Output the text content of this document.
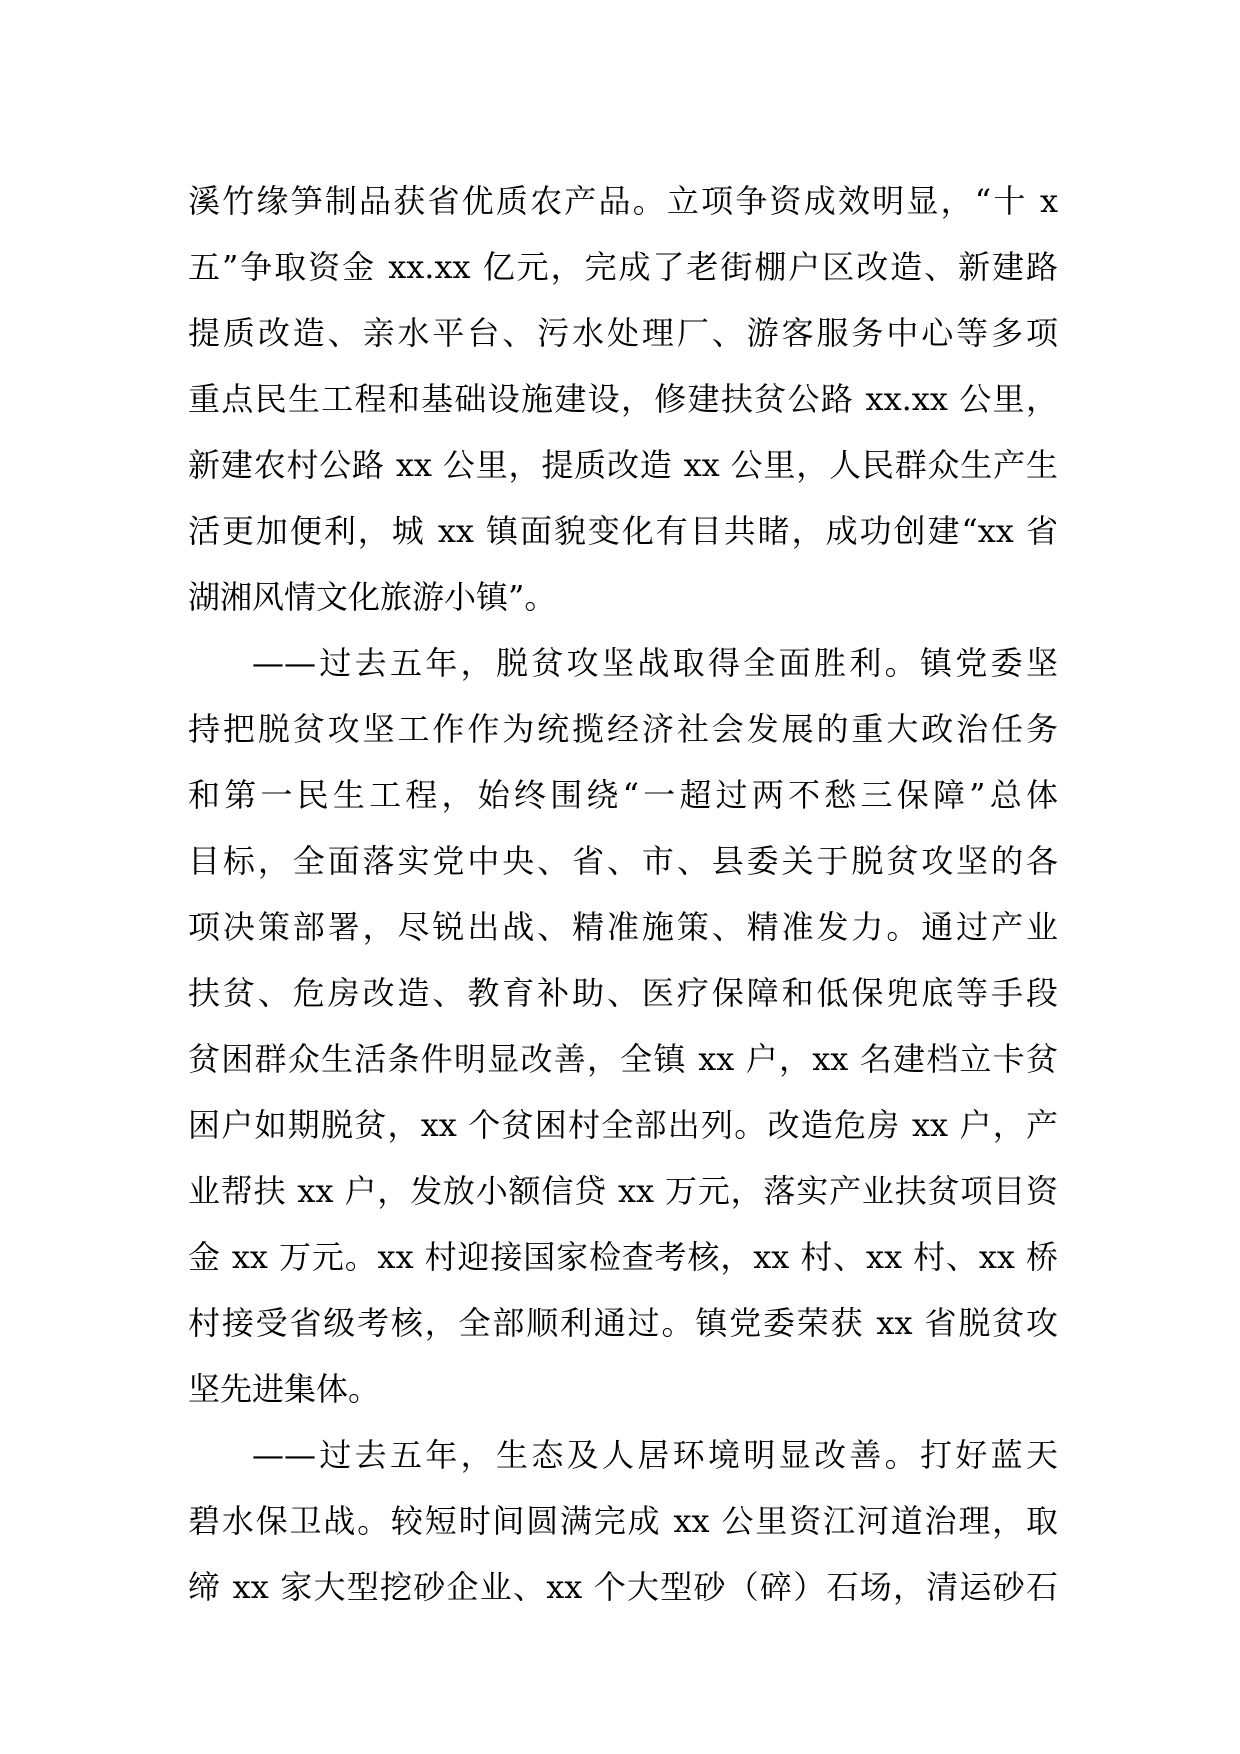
溪竹缘笋制品获省优质农产品。立项争资成效明显，“十 x
五”争取资金 xx.xx 亿元，完成了老街棚户区改造、新建路
提质改造、亲水平台、污水处理厂、游客服务中心等多项
重点民生工程和基础设施建设，修建扶贫公路 xx.xx 公里，
新建农村公路 xx 公里，提质改造 xx 公里，人民群众生产生
活更加便利，城 xx 镇面貌变化有目共睹，成功创建“xx 省
湖湘风情文化旅游小镇”。
——过去五年，脱贫攻坚战取得全面胜利。镇党委坚
持把脱贫攻坚工作作为统揽经济社会发展的重大政治任务
和第一民生工程，始终围绕“一超过两不愁三保障”总体
目标，全面落实党中央、省、市、县委关于脱贫攻坚的各
项决策部署，尽锐出战、精准施策、精准发力。通过产业
扶贫、危房改造、教育补助、医疗保障和低保兜底等手段
贫困群众生活条件明显改善，全镇 xx 户，xx 名建档立卡贫
困户如期脱贫，xx 个贫困村全部出列。改造危房 xx 户，产
业帮扶 xx 户，发放小额信贷 xx 万元，落实产业扶贫项目资
金 xx 万元。xx 村迎接国家检查考核，xx 村、xx 村、xx 桥
村接受省级考核，全部顺利通过。镇党委荣获 xx 省脱贫攻
坚先进集体。
——过去五年，生态及人居环境明显改善。打好蓝天
碧水保卫战。较短时间圆满完成 xx 公里资江河道治理，取
缔 xx 家大型挖砂企业、xx 个大型砂（碎）石场，清运砂石
